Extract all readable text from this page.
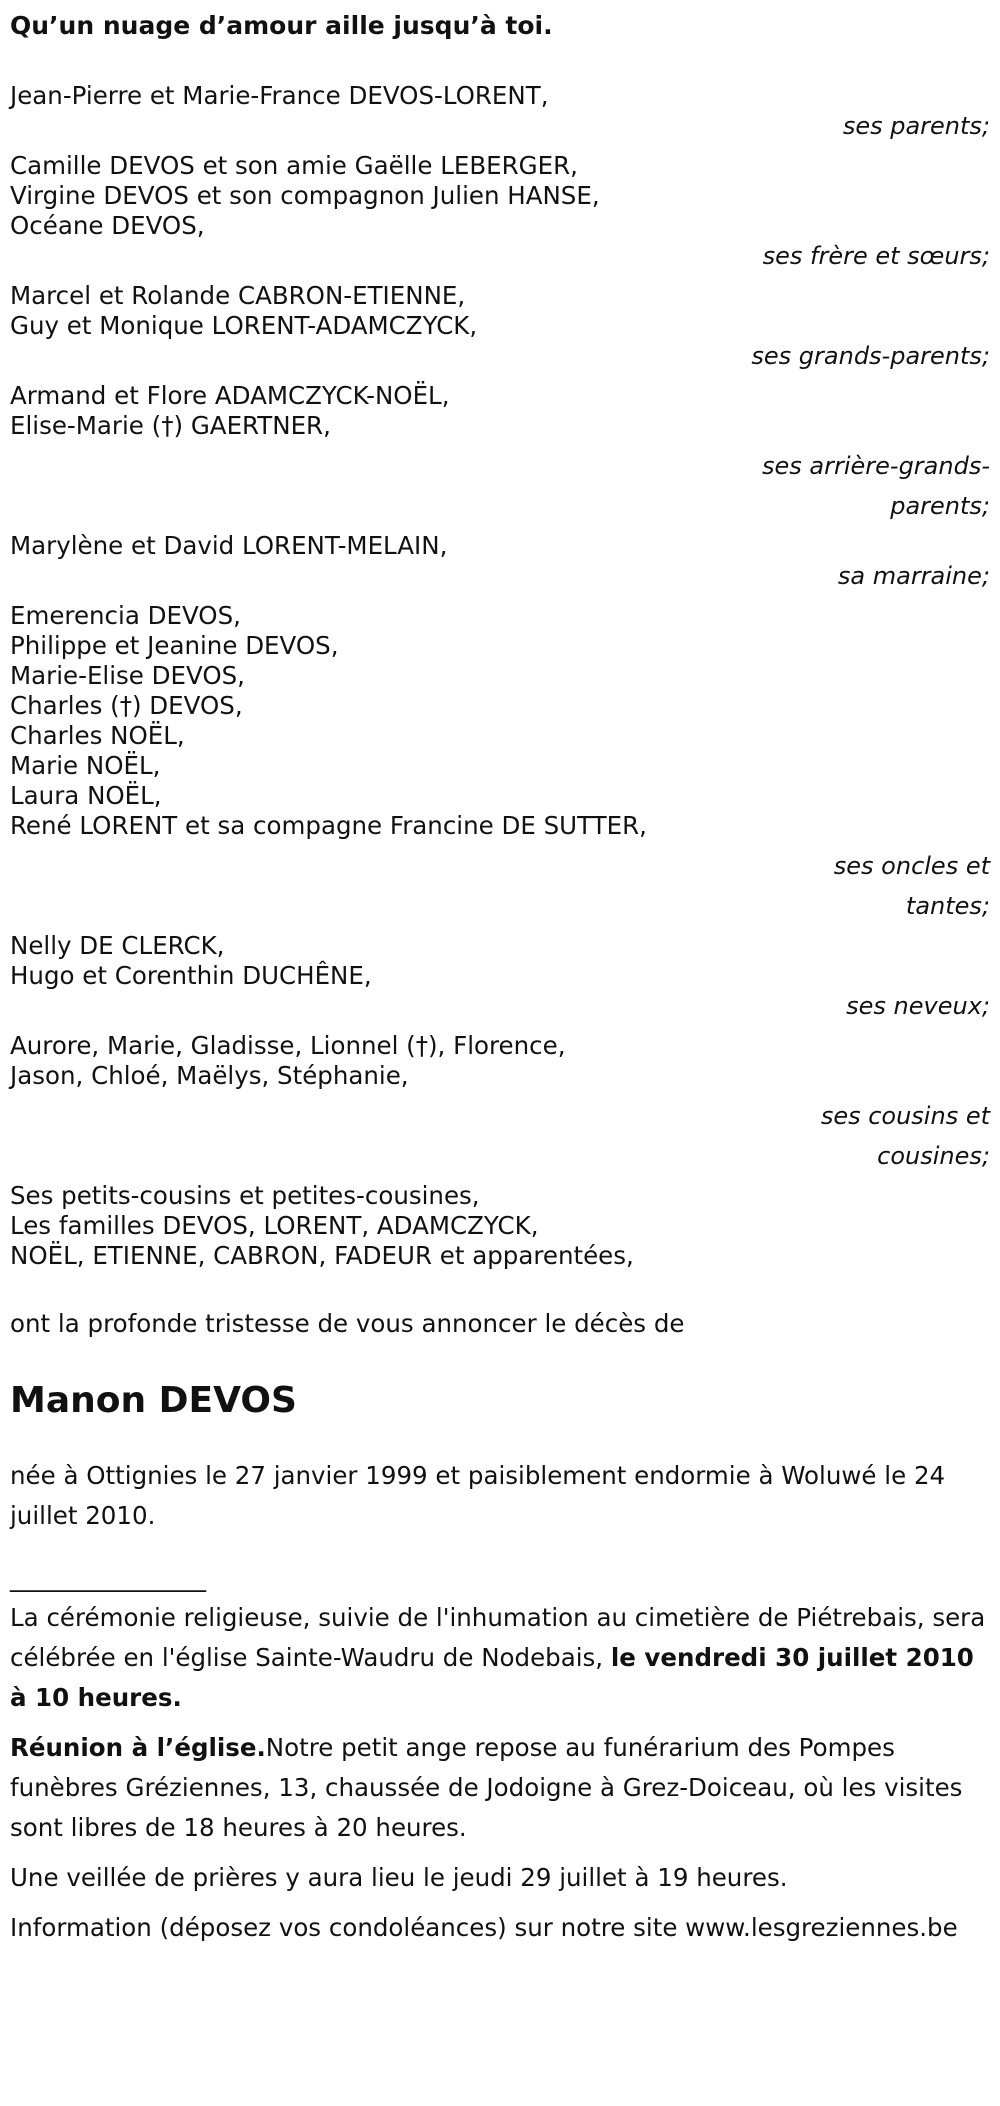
Qu’un nuage d’amour aille jusqu’à toi.
Jean-Pierre et Marie-France DEVOS-LORENT,
ses parents;
Camille DEVOS et son amie Gaëlle LEBERGER,
Virgine DEVOS et son compagnon Julien HANSE,
Océane DEVOS,
ses frère et sœurs;
Marcel et Rolande CABRON-ETIENNE,
Guy et Monique LORENT-ADAMCZYCK,
ses grands-parents;
Armand et Flore ADAMCZYCK-NOËL,
Elise-Marie (†) GAERTNER,
ses arrière-grands-
parents;
Marylène et David LORENT-MELAIN,
sa marraine;
Emerencia DEVOS,
Philippe et Jeanine DEVOS,
Marie-Elise DEVOS,
Charles (†) DEVOS,
Charles NOËL,
Marie NOËL,
Laura NOËL,
René LORENT et sa compagne Francine DE SUTTER,
ses oncles et
tantes;
Nelly DE CLERCK,
Hugo et Corenthin DUCHÊNE,
ses neveux;
Aurore, Marie, Gladisse, Lionnel (†), Florence,
Jason, Chloé, Maëlys, Stéphanie,
ses cousins et
cousines;
Ses petits-cousins et petites-cousines,
Les familles DEVOS, LORENT, ADAMCZYCK,
NOËL, ETIENNE, CABRON, FADEUR et apparentées,
ont la profonde tristesse de vous annoncer le décès de
Manon DEVOS
née à Ottignies le 27 janvier 1999 et paisiblement endormie à Woluwé le 24 juillet 2010.
________________
La cérémonie religieuse, suivie de l'inhumation au cimetière de Piétrebais, sera célébrée en l'église Sainte-Waudru de Nodebais, le vendredi 30 juillet 2010 à 10 heures.
Réunion à l’église.Notre petit ange repose au funérarium des Pompes funèbres Gréziennes, 13, chaussée de Jodoigne à Grez-Doiceau, où les visites sont libres de 18 heures à 20 heures.
Une veillée de prières y aura lieu le jeudi 29 juillet à 19 heures.
Information (déposez vos condoléances) sur notre site www.lesgreziennes.be
